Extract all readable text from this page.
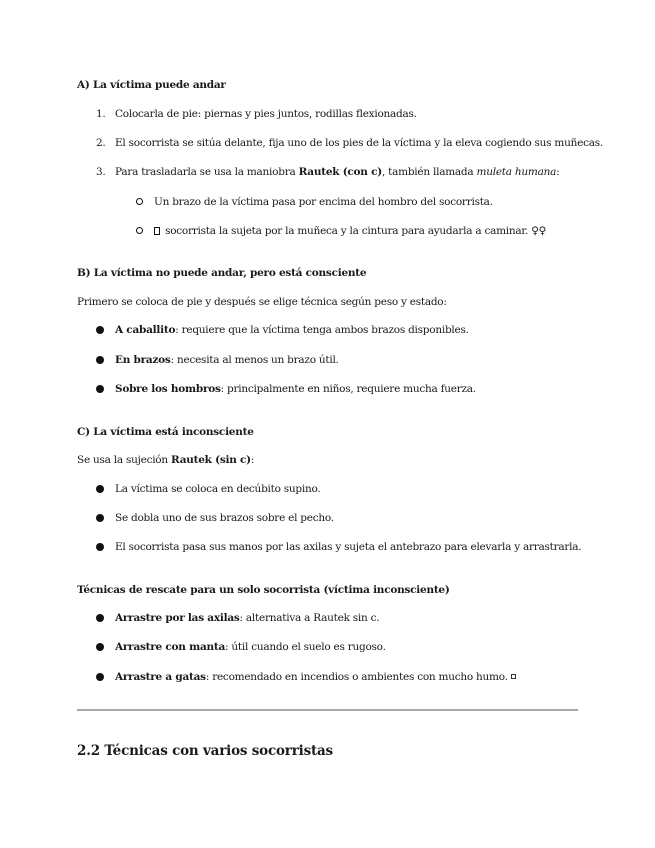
A) La víctima puede andar
1. Colocarla de pie: piernas y pies juntos, rodillas flexionadas.
2. El socorrista se sitúa delante, fija uno de los pies de la víctima y la eleva cogiendo sus muñecas.
3. Para trasladarla se usa la maniobra Rautek (con c), también llamada muleta humana:
Un brazo de la víctima pasa por encima del hombro del socorrista.
socorrista la sujeta por la muñeca y la cintura para ayudarla a caminar. ♀♀
B) La víctima no puede andar, pero está consciente
Primero se coloca de pie y después se elige técnica según peso y estado:
A caballito: requiere que la víctima tenga ambos brazos disponibles.
En brazos: necesita al menos un brazo útil.
Sobre los hombros: principalmente en niños, requiere mucha fuerza.
C) La víctima está inconsciente
Se usa la sujeción Rautek (sin c):
La víctima se coloca en decúbito supino.
Se dobla uno de sus brazos sobre el pecho.
El socorrista pasa sus manos por las axilas y sujeta el antebrazo para elevarla y arrastrarla.
Técnicas de rescate para un solo socorrista (víctima inconsciente)
Arrastre por las axilas: alternativa a Rautek sin c.
Arrastre con manta: útil cuando el suelo es rugoso.
Arrastre a gatas: recomendado en incendios o ambientes con mucho humo.
2.2 Técnicas con varios socorristas
